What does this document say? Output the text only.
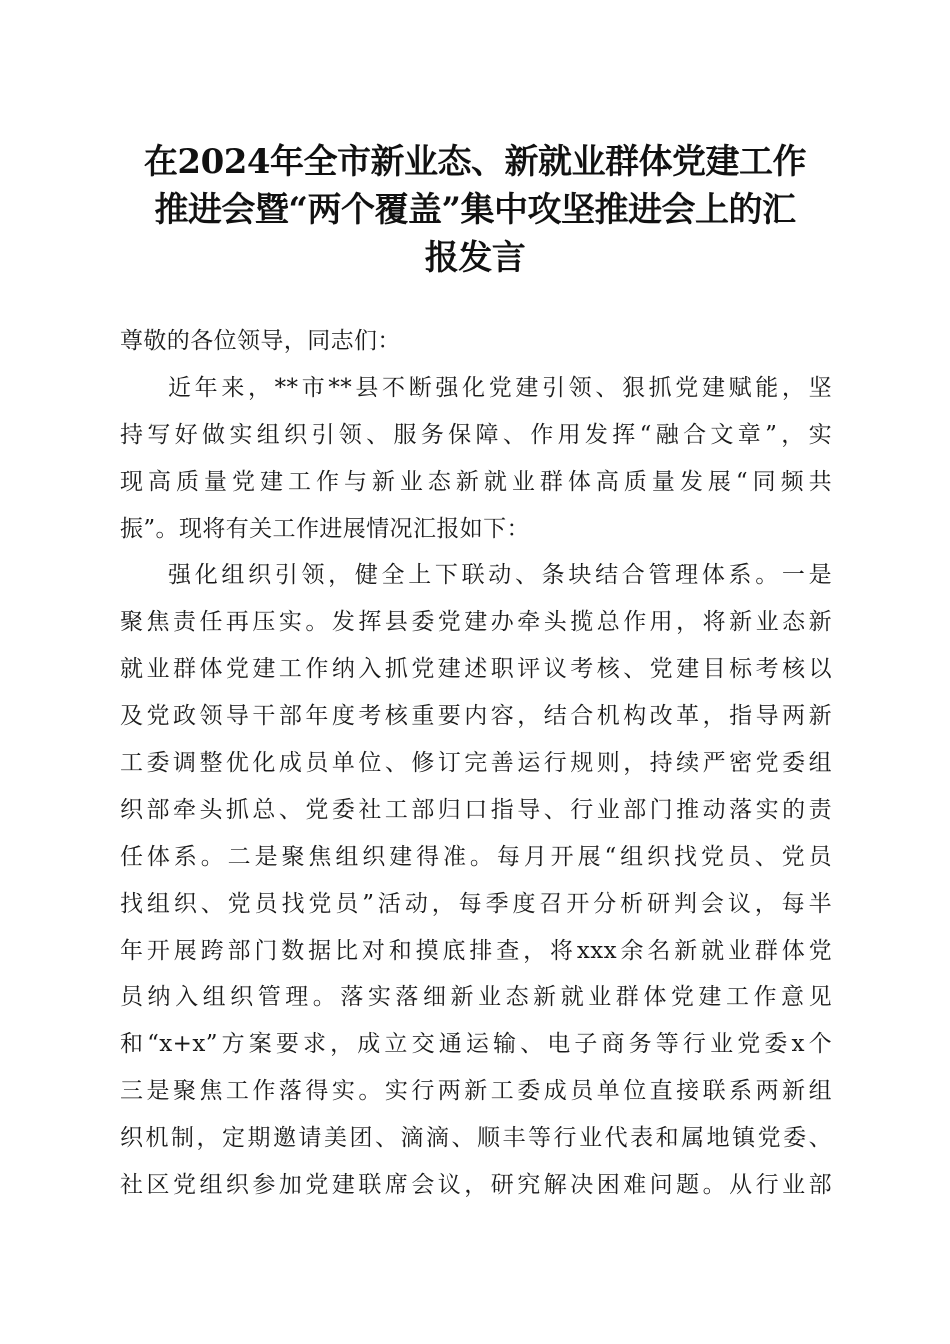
在2024年全市新业态、新就业群体党建工作
推进会暨“两个覆盖”集中攻坚推进会上的汇
报发言
尊敬的各位领导，同志们：
近年来，**市**县不断强化党建引领、狠抓党建赋能，坚
持写好做实组织引领、服务保障、作用发挥“融合文章”，实
现高质量党建工作与新业态新就业群体高质量发展“同频共
振”。现将有关工作进展情况汇报如下：
强化组织引领，健全上下联动、条块结合管理体系。一是
聚焦责任再压实。发挥县委党建办牵头揽总作用，将新业态新
就业群体党建工作纳入抓党建述职评议考核、党建目标考核以
及党政领导干部年度考核重要内容，结合机构改革，指导两新
工委调整优化成员单位、修订完善运行规则，持续严密党委组
织部牵头抓总、党委社工部归口指导、行业部门推动落实的责
任体系。二是聚焦组织建得准。每月开展“组织找党员、党员
找组织、党员找党员”活动，每季度召开分析研判会议，每半
年开展跨部门数据比对和摸底排查，将xxx余名新就业群体党
员纳入组织管理。落实落细新业态新就业群体党建工作意见
和“x+x”方案要求，成立交通运输、电子商务等行业党委x个
三是聚焦工作落得实。实行两新工委成员单位直接联系两新组
织机制，定期邀请美团、滴滴、顺丰等行业代表和属地镇党委、
社区党组织参加党建联席会议，研究解决困难问题。从行业部
